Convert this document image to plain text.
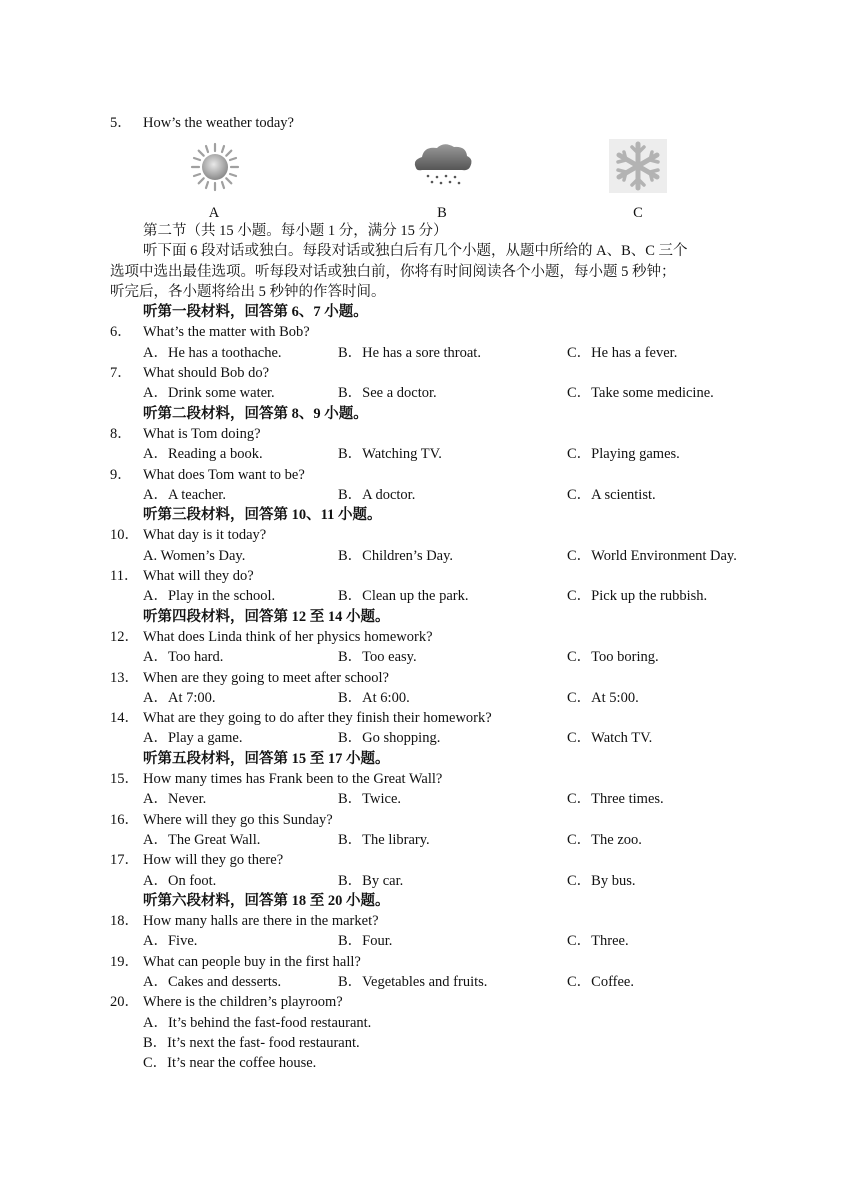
5． How’s the weather today?
A	B	C
第二节（共 15 小题。每小题 1 分，满分 15 分）
听下面 6 段对话或独白。每段对话或独白后有几个小题，从题中所给的 A、B、C 三个
选项中选出最佳选项。听每段对话或独白前，你将有时间阅读各个小题，每小题 5 秒钟；
听完后，各小题将给出 5 秒钟的作答时间。
听第一段材料，回答第 6、7 小题。
6． What’s the matter with Bob?
A．He has a toothache.	B．He has a sore throat.	C．He has a fever.
7． What should Bob do?
A．Drink some water.	B．See a doctor.	C．Take some medicine.
听第二段材料，回答第 8、9 小题。
8． What is Tom doing?
A．Reading a book.	B．Watching TV.	C．Playing games.
9． What does Tom want to be?
A．A teacher.	B．A doctor.	C．A scientist.
听第三段材料，回答第 10、11 小题。
10． What day is it today?
A. Women’s Day.	B．Children’s Day.	C．World Environment Day.
11． What will they do?
A．Play in the school.	B．Clean up the park.	C．Pick up the rubbish.
听第四段材料，回答第 12 至 14 小题。
12． What does Linda think of her physics homework?
A．Too hard.	B．Too easy.	C．Too boring.
13． When are they going to meet after school?
A．At 7:00.	B．At 6:00.	C．At 5:00.
14． What are they going to do after they finish their homework?
A．Play a game.	B．Go shopping.	C．Watch TV.
听第五段材料，回答第 15 至 17 小题。
15． How many times has Frank been to the Great Wall?
A．Never.	B．Twice.	C．Three times.
16． Where will they go this Sunday?
A．The Great Wall.	B．The library.	C．The zoo.
17． How will they go there?
A．On foot.	B．By car.	C．By bus.
听第六段材料，回答第 18 至 20 小题。
18． How many halls are there in the market?
A．Five.	B．Four.	C．Three.
19． What can people buy in the first hall?
A．Cakes and desserts.	B．Vegetables and fruits.	C．Coffee.
20． Where is the children’s playroom?
A．It’s behind the fast-food restaurant.
B．It’s next the fast- food restaurant.
C．It’s near the coffee house.
